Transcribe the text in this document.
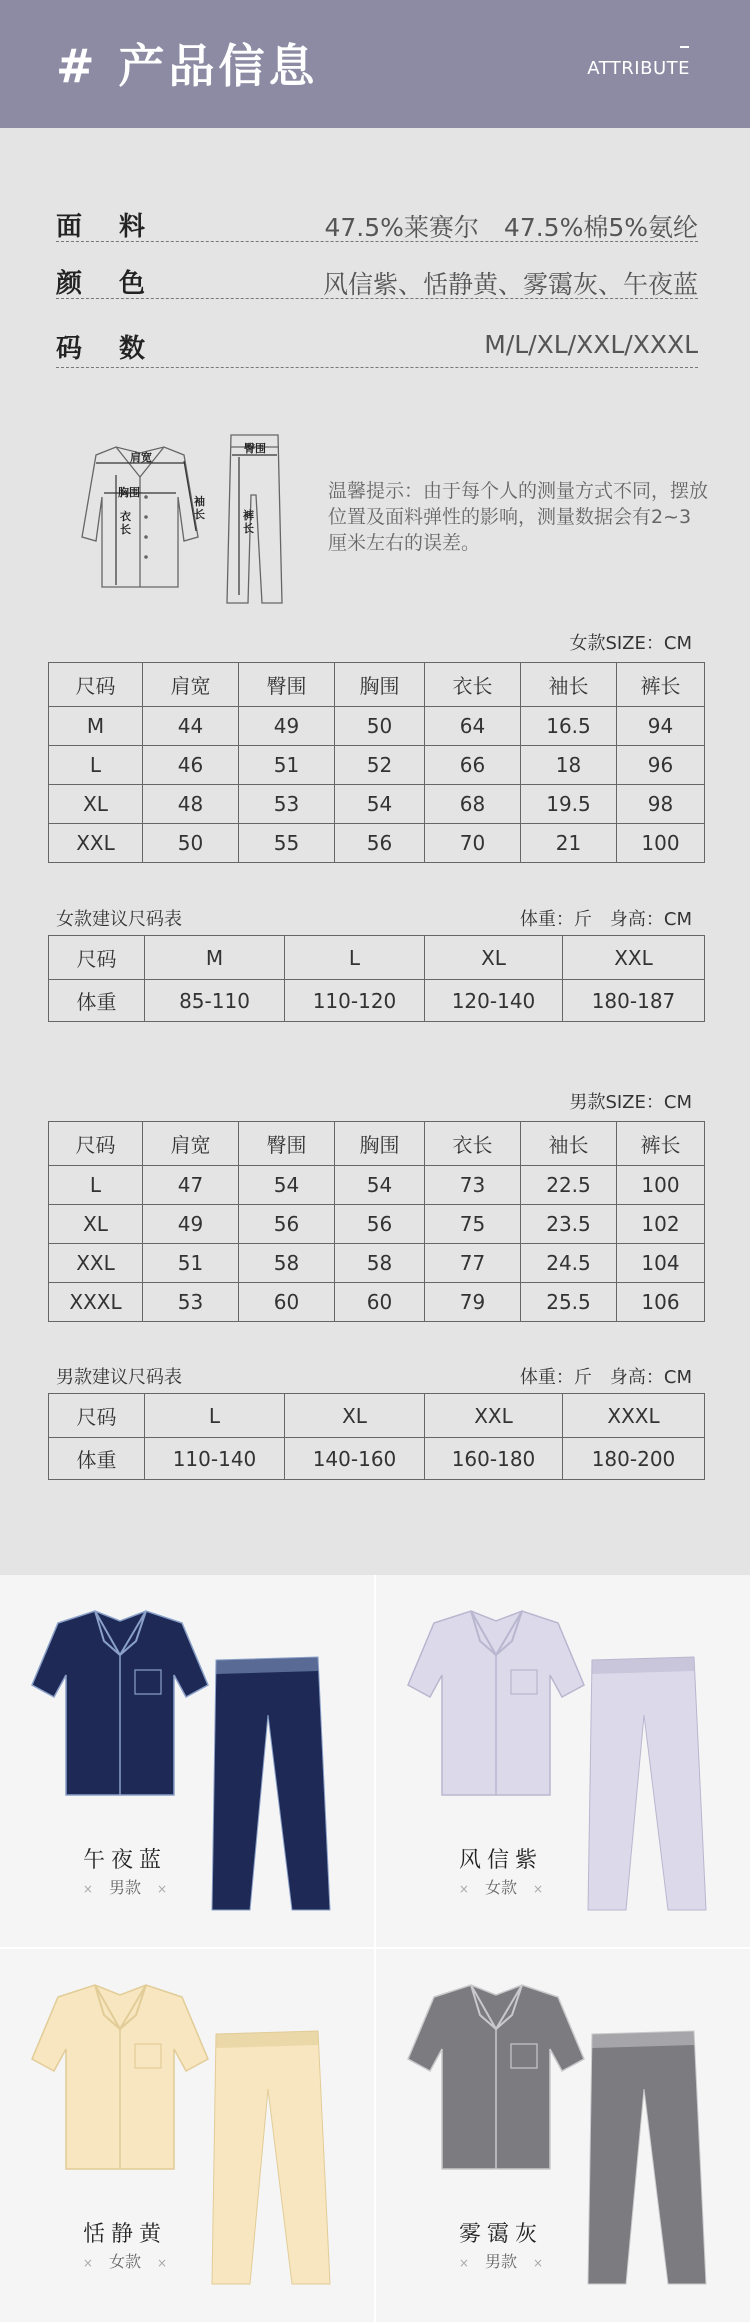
# 产品信息	ATTRIBUTE
面 料	47.5%莱赛尔　47.5%棉5%氨纶
颜 色	风信紫、恬静黄、雾霭灰、午夜蓝
码 数	M/L/XL/XXL/XXXL
肩宽
胸围
衣长
袖长
臀围
裤长
温馨提示：由于每个人的测量方式不同，摆放位置及面料弹性的影响，测量数据会有2~3厘米左右的误差。
女款SIZE：CM
尺码	肩宽	臀围	胸围	衣长	袖长	裤长
M	44	49	50	64	16.5	94
L	46	51	52	66	18	96
XL	48	53	54	68	19.5	98
XXL	50	55	56	70	21	100
女款建议尺码表	体重：斤　身高：CM
尺码	M	L	XL	XXL
体重	85-110	110-120	120-140	180-187
男款SIZE：CM
尺码	肩宽	臀围	胸围	衣长	袖长	裤长
L	47	54	54	73	22.5	100
XL	49	56	56	75	23.5	102
XXL	51	58	58	77	24.5	104
XXXL	53	60	60	79	25.5	106
男款建议尺码表	体重：斤　身高：CM
尺码	L	XL	XXL	XXXL
体重	110-140	140-160	160-180	180-200
午夜蓝
× 男款 ×
风信紫
× 女款 ×
恬静黄
× 女款 ×
雾霭灰
× 男款 ×
